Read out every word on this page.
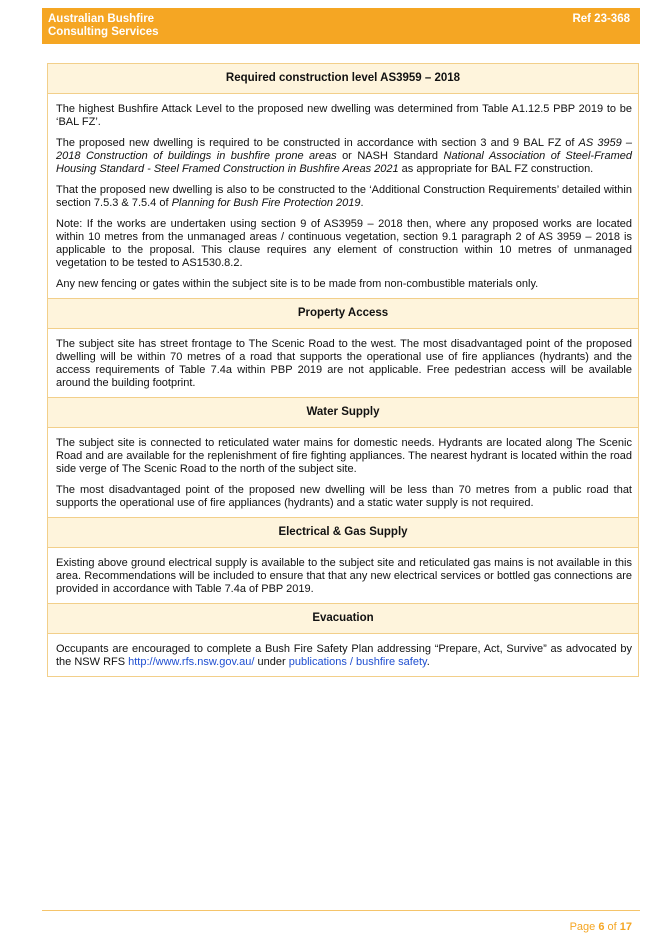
Australian Bushfire
Consulting Services
Ref 23-368
Required construction level AS3959 – 2018

The highest Bushfire Attack Level to the proposed new dwelling was determined from Table A1.12.5 PBP 2019 to be ‘BAL FZ’.

The proposed new dwelling is required to be constructed in accordance with section 3 and 9 BAL FZ of AS 3959 – 2018 Construction of buildings in bushfire prone areas or NASH Standard National Association of Steel-Framed Housing Standard - Steel Framed Construction in Bushfire Areas 2021 as appropriate for BAL FZ construction.

That the proposed new dwelling is also to be constructed to the ‘Additional Construction Requirements’ detailed within section 7.5.3 & 7.5.4 of Planning for Bush Fire Protection 2019.

Note: If the works are undertaken using section 9 of AS3959 – 2018 then, where any proposed works are located within 10 metres from the unmanaged areas / continuous vegetation, section 9.1 paragraph 2 of AS 3959 – 2018 is applicable to the proposal. This clause requires any element of construction within 10 metres of unmanaged vegetation to be tested to AS1530.8.2.

Any new fencing or gates within the subject site is to be made from non-combustible materials only.

Property Access

The subject site has street frontage to The Scenic Road to the west. The most disadvantaged point of the proposed dwelling will be within 70 metres of a road that supports the operational use of fire appliances (hydrants) and the access requirements of Table 7.4a within PBP 2019 are not applicable. Free pedestrian access will be available around the building footprint.

Water Supply

The subject site is connected to reticulated water mains for domestic needs. Hydrants are located along The Scenic Road and are available for the replenishment of fire fighting appliances. The nearest hydrant is located within the road side verge of The Scenic Road to the north of the subject site.

The most disadvantaged point of the proposed new dwelling will be less than 70 metres from a public road that supports the operational use of fire appliances (hydrants) and a static water supply is not required.

Electrical & Gas Supply

Existing above ground electrical supply is available to the subject site and reticulated gas mains is not available in this area. Recommendations will be included to ensure that that any new electrical services or bottled gas connections are provided in accordance with Table 7.4a of PBP 2019.

Evacuation

Occupants are encouraged to complete a Bush Fire Safety Plan addressing “Prepare, Act, Survive” as advocated by the NSW RFS http://www.rfs.nsw.gov.au/ under publications / bushfire safety.

Page 6 of 17
